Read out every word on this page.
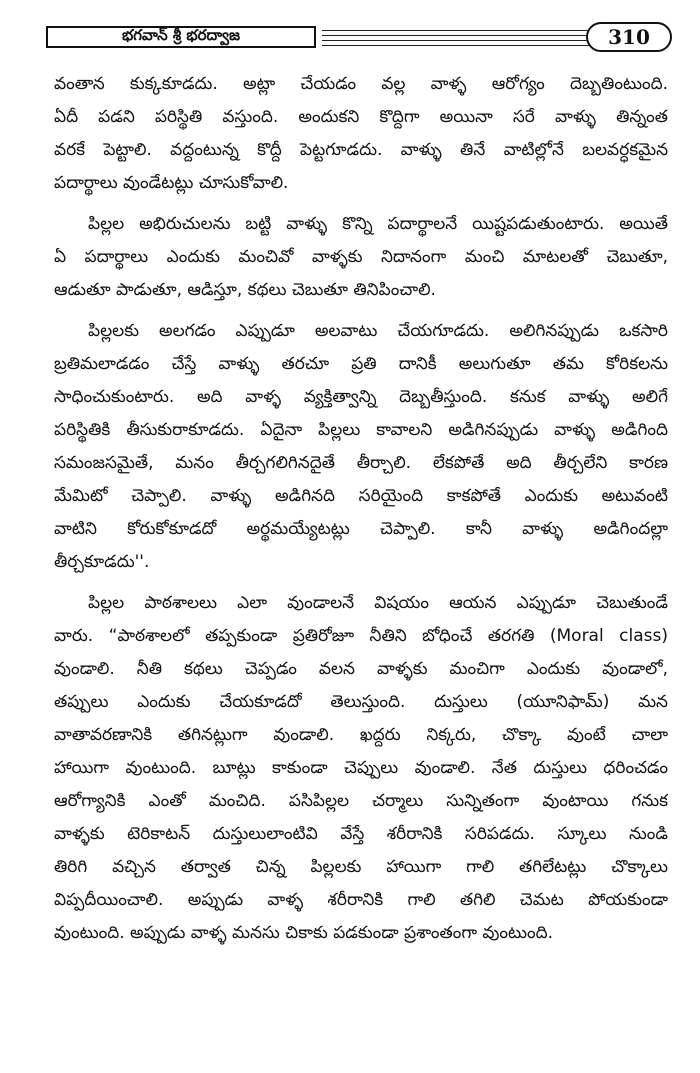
భగవాన్ శ్రీ భరద్వాజ	310
వంతాన కుక్కకూడదు. అట్లా చేయడం వల్ల వాళ్ళ ఆరోగ్యం దెబ్బతింటుంది.
ఏదీ పడని పరిస్థితి వస్తుంది. అందుకని కొద్దిగా అయినా సరే వాళ్ళు తిన్నంత
వరకే పెట్టాలి. వద్దంటున్న కొద్దీ పెట్టగూడదు. వాళ్ళు తినే వాటిల్లోనే బలవర్ధకమైన
పదార్థాలు వుండేటట్లు చూసుకోవాలి.
పిల్లల అభిరుచులను బట్టి వాళ్ళు కొన్ని పదార్థాలనే యిష్టపడుతుంటారు. అయితే
ఏ పదార్థాలు ఎందుకు మంచివో వాళ్ళకు నిదానంగా మంచి మాటలతో చెబుతూ,
ఆడుతూ పాడుతూ, ఆడిస్తూ, కథలు చెబుతూ తినిపించాలి.
పిల్లలకు అలగడం ఎప్పుడూ అలవాటు చేయగూడదు. అలిగినప్పుడు ఒకసారి
బ్రతిమలాడడం చేస్తే వాళ్ళు తరచూ ప్రతి దానికీ అలుగుతూ తమ కోరికలను
సాధించుకుంటారు. అది వాళ్ళ వ్యక్తిత్వాన్ని దెబ్బతీస్తుంది. కనుక వాళ్ళు అలిగే
పరిస్థితికి తీసుకురాకూడదు. ఏదైనా పిల్లలు కావాలని అడిగినప్పుడు వాళ్ళు అడిగింది
సమంజసమైతే, మనం తీర్చగలిగినదైతే తీర్చాలి. లేకపోతే అది తీర్చలేని కారణ
మేమిటో చెప్పాలి. వాళ్ళు అడిగినది సరియైంది కాకపోతే ఎందుకు అటువంటి
వాటిని కోరుకోకూడదో అర్థమయ్యేటట్లు చెప్పాలి. కానీ వాళ్ళు అడిగిందల్లా
తీర్చకూడదు''.
పిల్లల పాఠశాలలు ఎలా వుండాలనే విషయం ఆయన ఎప్పుడూ చెబుతుండే
వారు. “పాఠశాలలో తప్పకుండా ప్రతిరోజూ నీతిని బోధించే తరగతి (Moral class)
వుండాలి. నీతి కథలు చెప్పడం వలన వాళ్ళకు మంచిగా ఎందుకు వుండాలో,
తప్పులు ఎందుకు చేయకూడదో తెలుస్తుంది. దుస్తులు (యూనిఫామ్) మన
వాతావరణానికి తగినట్లుగా వుండాలి. ఖద్దరు నిక్కరు, చొక్కా వుంటే చాలా
హాయిగా వుంటుంది. బూట్లు కాకుండా చెప్పులు వుండాలి. నేత దుస్తులు ధరించడం
ఆరోగ్యానికి ఎంతో మంచిది. పసిపిల్లల చర్మాలు సున్నితంగా వుంటాయి గనుక
వాళ్ళకు టెరికాటన్ దుస్తులులాంటివి వేస్తే శరీరానికి సరిపడదు. స్కూలు నుండి
తిరిగి వచ్చిన తర్వాత చిన్న పిల్లలకు హాయిగా గాలి తగిలేటట్లు చొక్కాలు
విప్పదీయించాలి. అప్పుడు వాళ్ళ శరీరానికి గాలి తగిలి చెమట పోయకుండా
వుంటుంది. అప్పుడు వాళ్ళ మనసు చికాకు పడకుండా ప్రశాంతంగా వుంటుంది.
